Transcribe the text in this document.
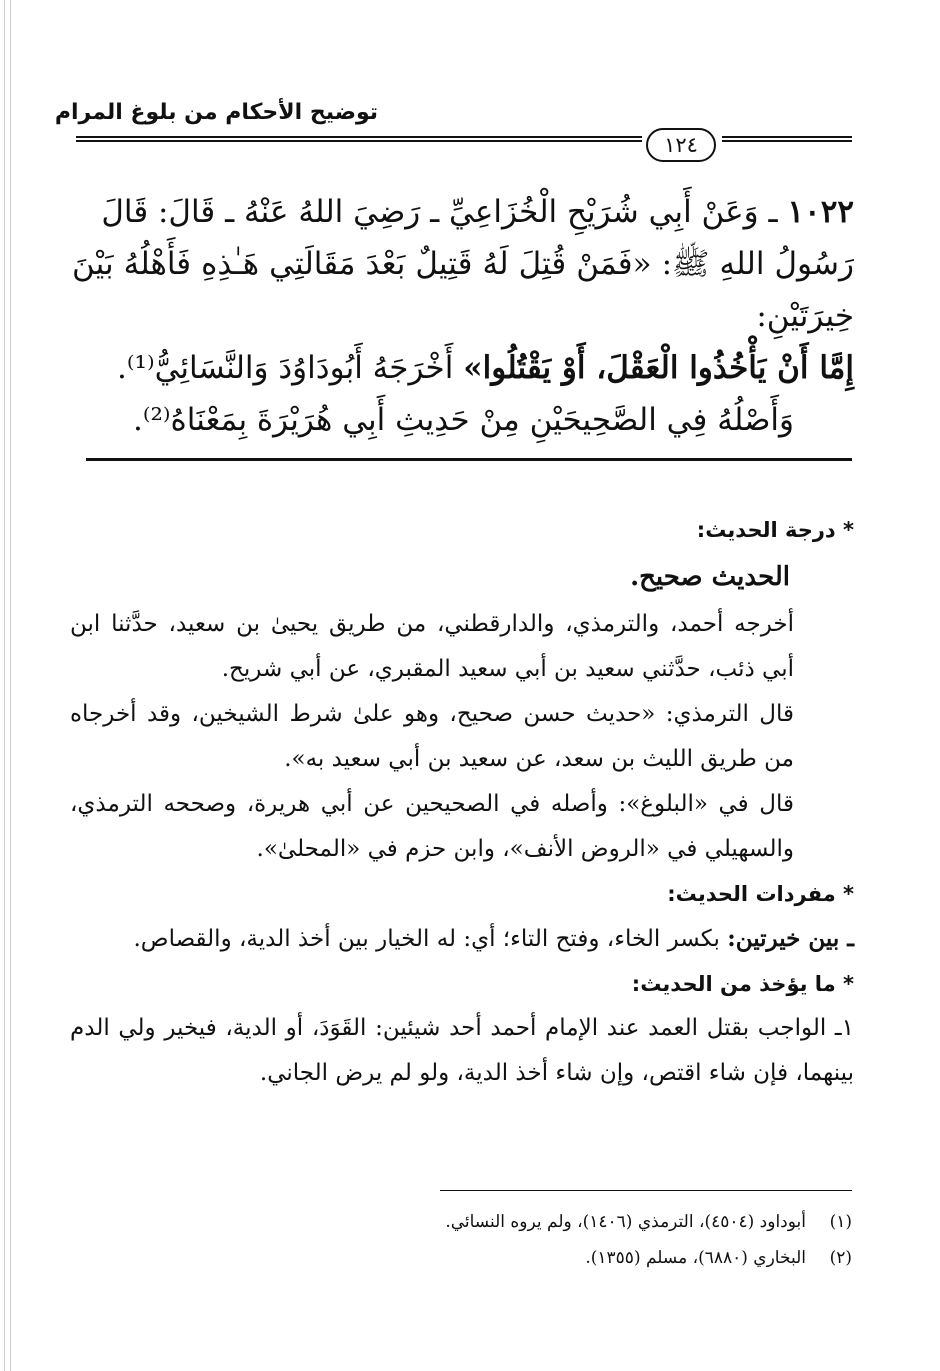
توضيح الأحكام من بلوغ المرام
١٢٤

١٠٢٢ ـ وَعَنْ أَبِي شُرَيْحِ الْخُزَاعِيِّ ـ رَضِيَ اللهُ عَنْهُ ـ قَالَ: قَالَ

رَسُولُ اللهِ ﷺ: «فَمَنْ قُتِلَ لَهُ قَتِيلٌ بَعْدَ مَقَالَتِي هَـٰذِهِ فَأَهْلُهُ بَيْنَ خِيرَتَيْنِ:

إِمَّا أَنْ يَأْخُذُوا الْعَقْلَ، أَوْ يَقْتُلُوا» أَخْرَجَهُ أَبُودَاوُدَ وَالنَّسَائِيُّ⁽¹⁾.

وَأَصْلُهُ فِي الصَّحِيحَيْنِ مِنْ حَدِيثِ أَبِي هُرَيْرَةَ بِمَعْنَاهُ⁽²⁾.

* درجة الحديث:

الحديث صحيح.

أخرجه أحمد، والترمذي، والدارقطني، من طريق يحيىٰ بن سعيد، حدَّثنا ابن أبي ذئب، حدَّثني سعيد بن أبي سعيد المقبري، عن أبي شريح.

قال الترمذي: «حديث حسن صحيح، وهو علىٰ شرط الشيخين، وقد أخرجاه من طريق الليث بن سعد، عن سعيد بن أبي سعيد به».

قال في «البلوغ»: وأصله في الصحيحين عن أبي هريرة، وصححه الترمذي، والسهيلي في «الروض الأنف»، وابن حزم في «المحلىٰ».

* مفردات الحديث:

ـ بين خيرتين: بكسر الخاء، وفتح التاء؛ أي: له الخيار بين أخذ الدية، والقصاص.

* ما يؤخذ من الحديث:

١ـ الواجب بقتل العمد عند الإمام أحمد أحد شيئين: القَوَدَ، أو الدية، فيخير ولي الدم بينهما، فإن شاء اقتص، وإن شاء أخذ الدية، ولو لم يرض الجاني.

(١)أبوداود (٤٥٠٤)، الترمذي (١٤٠٦)، ولم يروه النسائي.

(٢)البخاري (٦٨٨٠)، مسلم (١٣٥٥).
